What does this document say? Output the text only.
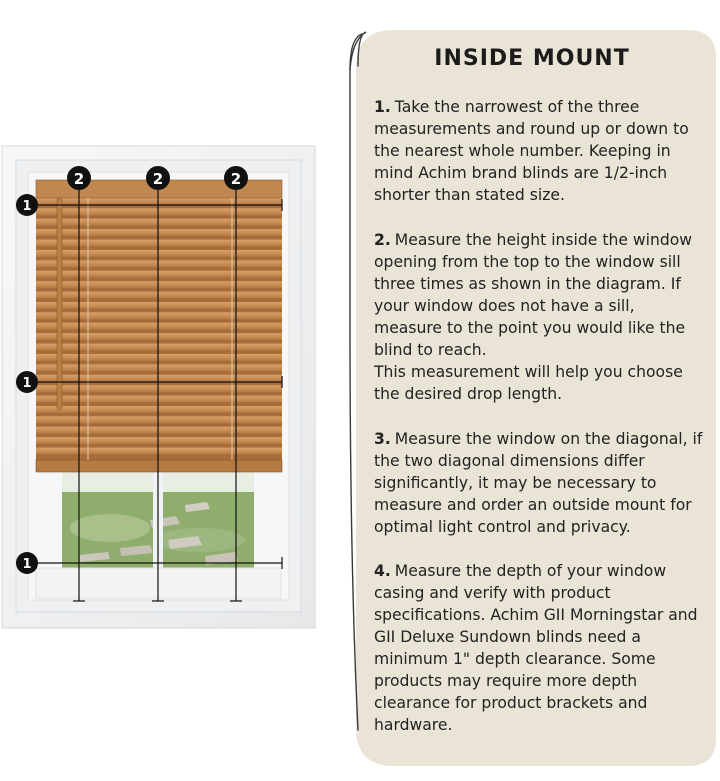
1
1
1
2	2	2
INSIDE MOUNT

1. Take the narrowest of the three measurements and round up or down to the nearest whole number. Keeping in mind Achim brand blinds are 1/2-inch shorter than stated size.

2. Measure the height inside the window opening from the top to the window sill three times as shown in the diagram. If your window does not have a sill, measure to the point you would like the blind to reach.
This measurement will help you choose the desired drop length.

3. Measure the window on the diagonal, if the two diagonal dimensions differ significantly, it may be necessary to measure and order an outside mount for optimal light control and privacy.

4. Measure the depth of your window casing and verify with product specifications. Achim GII Morningstar and GII Deluxe Sundown blinds need a minimum 1" depth clearance. Some products may require more depth clearance for product brackets and hardware.
